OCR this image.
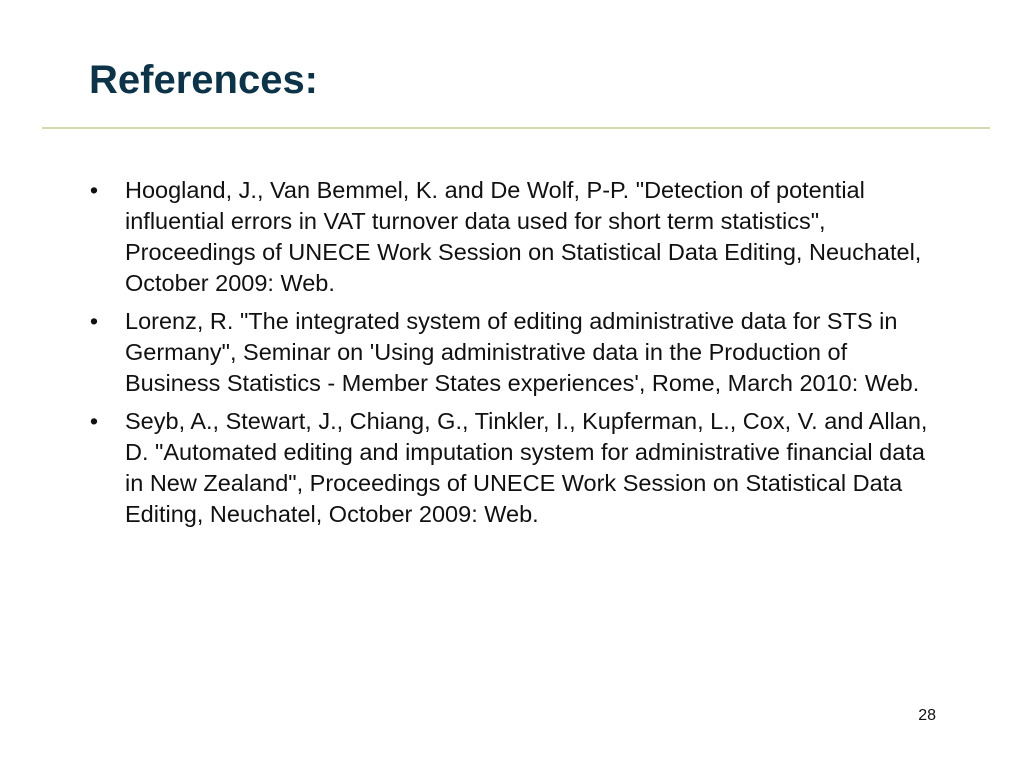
References:
• Hoogland, J., Van Bemmel, K. and De Wolf, P-P. "Detection of potential influential errors in VAT turnover data used for short term statistics", Proceedings of UNECE Work Session on Statistical Data Editing, Neuchatel, October 2009: Web.
• Lorenz, R. "The integrated system of editing administrative data for STS in Germany", Seminar on 'Using administrative data in the Production of Business Statistics - Member States experiences', Rome, March 2010: Web.
• Seyb, A., Stewart, J., Chiang, G., Tinkler, I., Kupferman, L., Cox, V. and Allan, D. "Automated editing and imputation system for administrative financial data in New Zealand", Proceedings of UNECE Work Session on Statistical Data Editing, Neuchatel, October 2009: Web.
28
